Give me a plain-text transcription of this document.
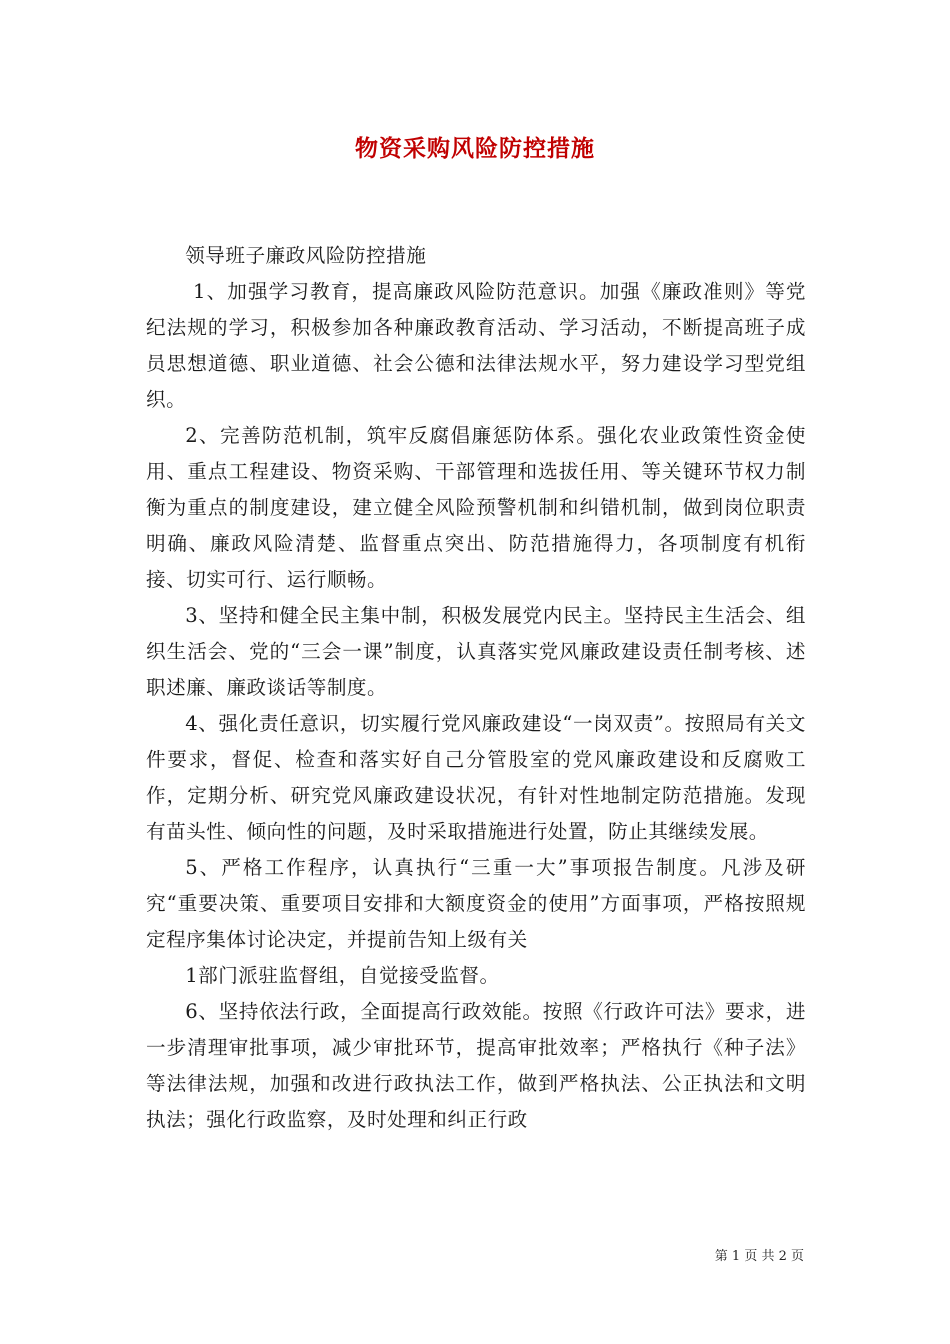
物资采购风险防控措施

领导班子廉政风险防控措施

1、加强学习教育，提高廉政风险防范意识。加强《廉政准则》等党纪法规的学习，积极参加各种廉政教育活动、学习活动，不断提高班子成员思想道德、职业道德、社会公德和法律法规水平，努力建设学习型党组织。

2、完善防范机制，筑牢反腐倡廉惩防体系。强化农业政策性资金使用、重点工程建设、物资采购、干部管理和选拔任用、等关键环节权力制衡为重点的制度建设，建立健全风险预警机制和纠错机制，做到岗位职责明确、廉政风险清楚、监督重点突出、防范措施得力，各项制度有机衔接、切实可行、运行顺畅。

3、坚持和健全民主集中制，积极发展党内民主。坚持民主生活会、组织生活会、党的“三会一课”制度，认真落实党风廉政建设责任制考核、述职述廉、廉政谈话等制度。

4、强化责任意识，切实履行党风廉政建设“一岗双责”。按照局有关文件要求，督促、检查和落实好自己分管股室的党风廉政建设和反腐败工作，定期分析、研究党风廉政建设状况，有针对性地制定防范措施。发现有苗头性、倾向性的问题，及时采取措施进行处置，防止其继续发展。

5、严格工作程序，认真执行“三重一大”事项报告制度。凡涉及研究“重要决策、重要项目安排和大额度资金的使用”方面事项，严格按照规定程序集体讨论决定，并提前告知上级有关

1部门派驻监督组，自觉接受监督。

6、坚持依法行政，全面提高行政效能。按照《行政许可法》要求，进一步清理审批事项，减少审批环节，提高审批效率；严格执行《种子法》等法律法规，加强和改进行政执法工作，做到严格执法、公正执法和文明执法；强化行政监察，及时处理和纠正行政

第 1 页 共 2 页
